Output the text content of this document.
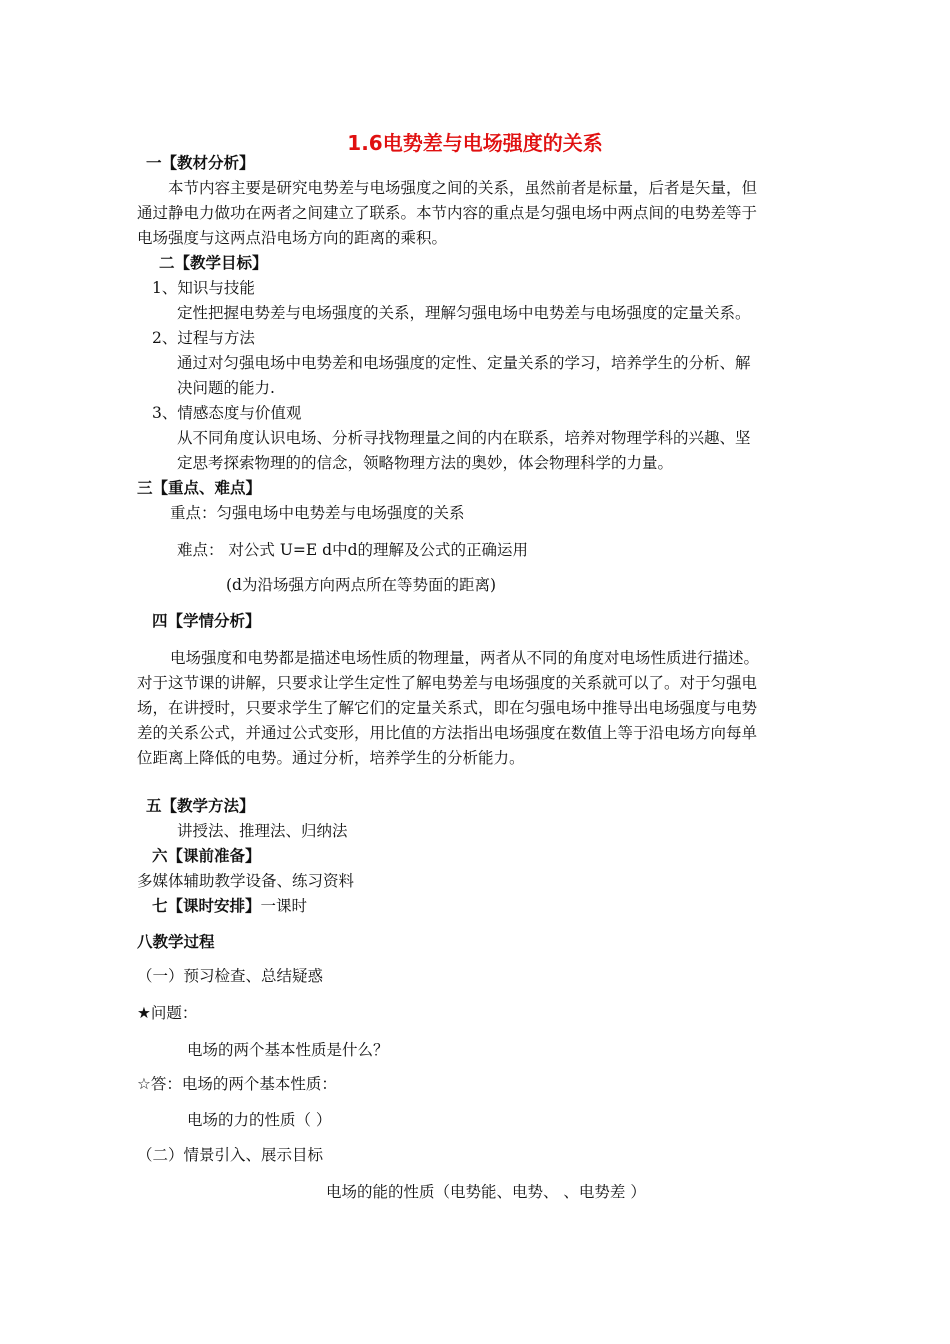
1.6电势差与电场强度的关系
一【教材分析】
本节内容主要是研究电势差与电场强度之间的关系，虽然前者是标量，后者是矢量，但
通过静电力做功在两者之间建立了联系。本节内容的重点是匀强电场中两点间的电势差等于
电场强度与这两点沿电场方向的距离的乘积。
二【教学目标】
1、知识与技能
定性把握电势差与电场强度的关系，理解匀强电场中电势差与电场强度的定量关系。
2、过程与方法
通过对匀强电场中电势差和电场强度的定性、定量关系的学习，培养学生的分析、解
决问题的能力.
3、情感态度与价值观
从不同角度认识电场、分析寻找物理量之间的内在联系，培养对物理学科的兴趣、坚
定思考探索物理的的信念，领略物理方法的奥妙，体会物理科学的力量。
三【重点、难点】
重点：匀强电场中电势差与电场强度的关系
难点： 对公式 U=E d中d的理解及公式的正确运用
(d为沿场强方向两点所在等势面的距离)
四【学情分析】
电场强度和电势都是描述电场性质的物理量，两者从不同的角度对电场性质进行描述。
对于这节课的讲解，只要求让学生定性了解电势差与电场强度的关系就可以了。对于匀强电
场，在讲授时，只要求学生了解它们的定量关系式，即在匀强电场中推导出电场强度与电势
差的关系公式，并通过公式变形，用比值的方法指出电场强度在数值上等于沿电场方向每单
位距离上降低的电势。通过分析，培养学生的分析能力。
五【教学方法】
讲授法、推理法、归纳法
六【课前准备】
多媒体辅助教学设备、练习资料
七【课时安排】一课时
八教学过程
（一）预习检查、总结疑惑
★问题：
电场的两个基本性质是什么？
☆答：电场的两个基本性质：
电场的力的性质（ ）
（二）情景引入、展示目标
电场的能的性质（电势能、电势、 、电势差 ）
